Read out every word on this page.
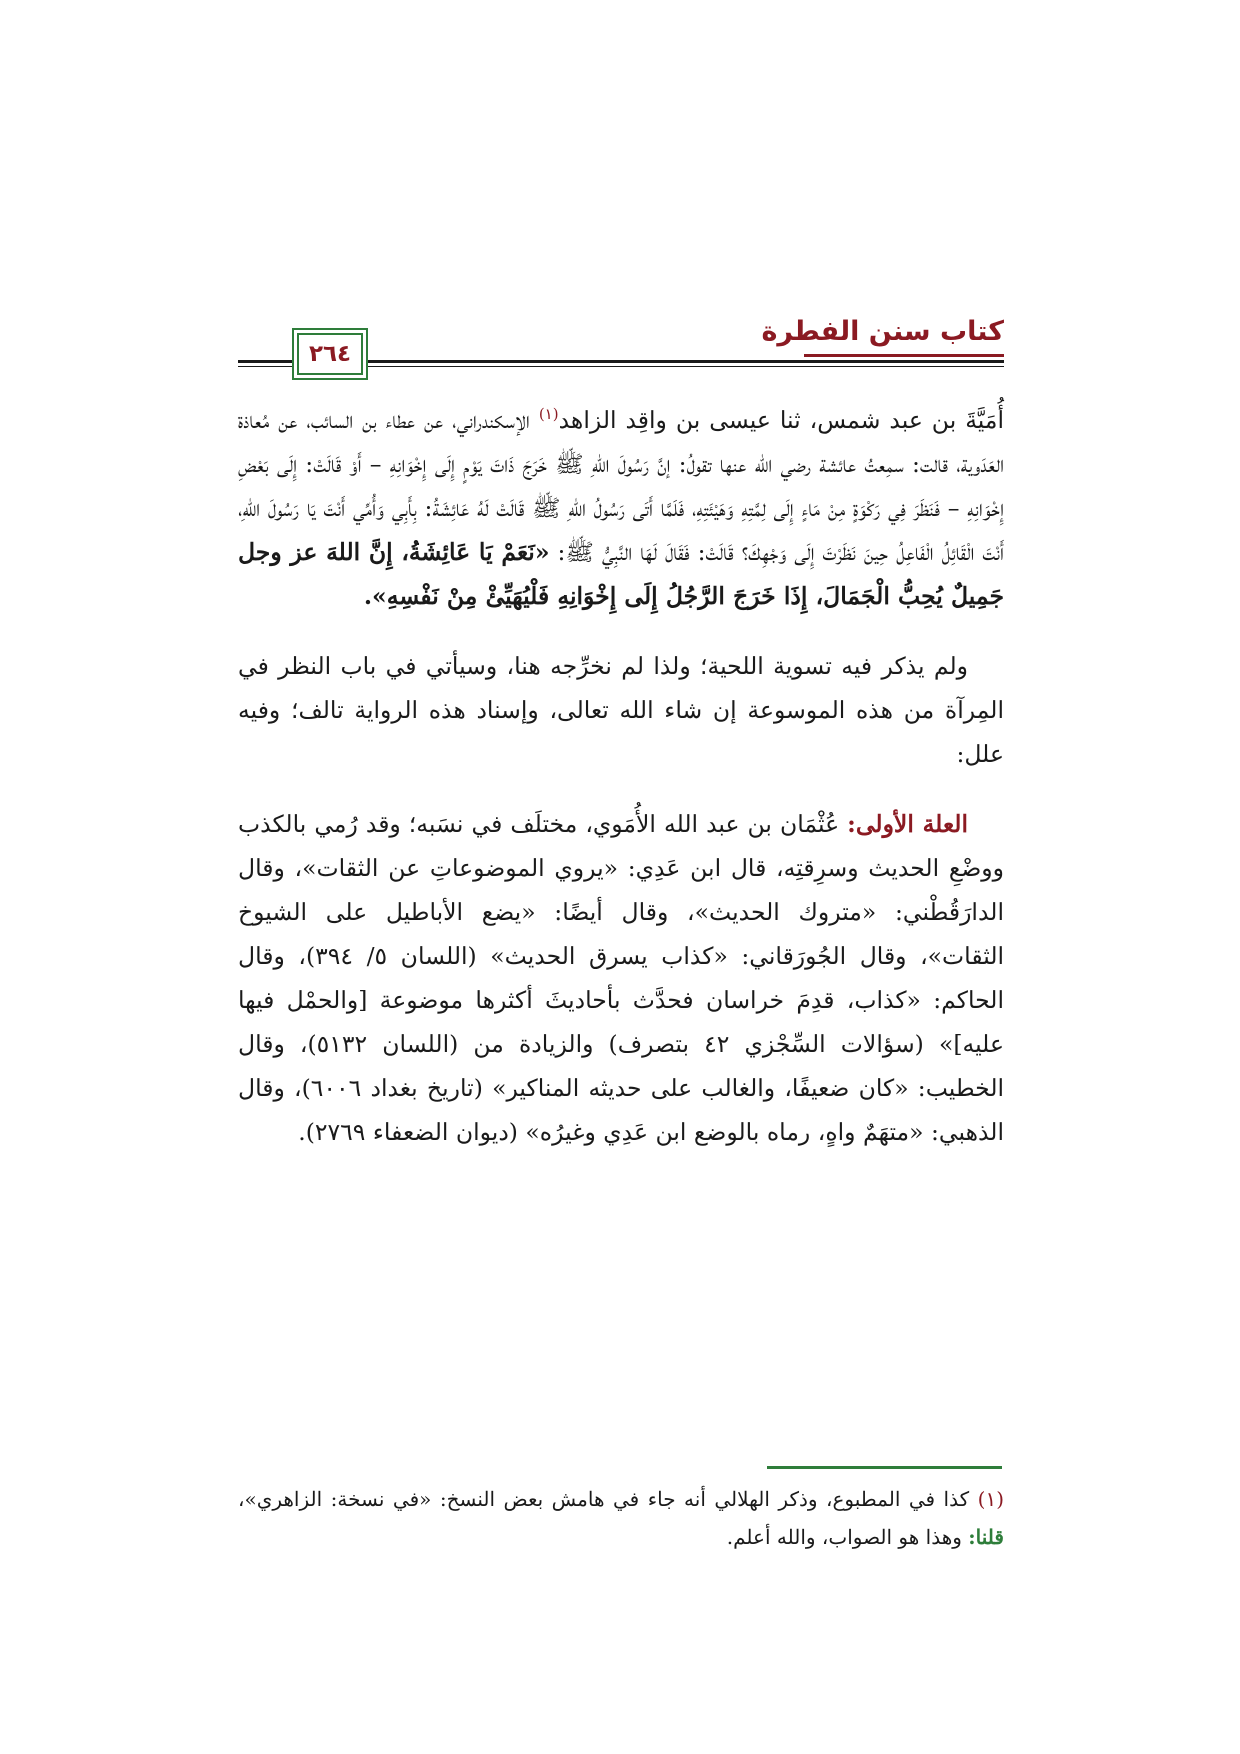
كتاب سنن الفطرة
٢٦٤

أُمَيَّةَ بن عبد شمس، ثنا عيسى بن واقِد الزاهد$^{(١)}$ الإسكندراني، عن عطاء بن السائب، عن مُعاذة العَدَوية، قالت: سمِعتُ عائشة رضي الله عنها تقولُ: إنَّ رَسُولَ اللهِ ﷺ خَرَجَ ذَاتَ يَوْمٍ إِلَى إِخْوَانِهِ – أَوْ قَالَتْ: إِلَى بَعْضِ إِخْوَانِهِ – فَنَظَرَ فِي رَكْوَةٍ مِنْ مَاءٍ إِلَى لِمَّتِهِ وَهَيْئَتِهِ، فَلَمَّا أَتَى رَسُولُ اللهِ ﷺ قَالَتْ لَهُ عَائِشَةُ: بِأَبِي وَأُمِّي أَنْتَ يَا رَسُولَ اللهِ، أَنْتَ الْقَائِلُ الْفَاعِلُ حِينَ نَظَرْتَ إِلَى وَجْهِكَ؟ قَالَتْ: فَقَالَ لَهَا النَّبِيُّ ﷺ: «نَعَمْ يَا عَائِشَةُ، إِنَّ اللهَ عز وجل جَمِيلٌ يُحِبُّ الْجَمَالَ، إِذَا خَرَجَ الرَّجُلُ إِلَى إِخْوَانِهِ فَلْيُهَيِّئْ مِنْ نَفْسِهِ».

ولم يذكر فيه تسوية اللحية؛ ولذا لم نخرِّجه هنا، وسيأتي في باب النظر في المِرآة من هذه الموسوعة إن شاء الله تعالى، وإسناد هذه الرواية تالف؛ وفيه علل:

العلة الأولى: عُثْمَان بن عبد الله الأُمَوي، مختلَف في نسَبه؛ وقد رُمي بالكذب ووضْعِ الحديث وسرِقتِه، قال ابن عَدِي: «يروي الموضوعاتِ عن الثقات»، وقال الدارَقُطْني: «متروك الحديث»، وقال أيضًا: «يضع الأباطيل على الشيوخ الثقات»، وقال الجُورَقاني: «كذاب يسرق الحديث» (اللسان ٥/ ٣٩٤)، وقال الحاكم: «كذاب، قدِمَ خراسان فحدَّث بأحاديثَ أكثرها موضوعة [والحمْل فيها عليه]» (سؤالات السِّجْزي ٤٢ بتصرف) والزيادة من (اللسان ٥١٣٢)، وقال الخطيب: «كان ضعيفًا، والغالب على حديثه المناكير» (تاريخ بغداد ٦٠٠٦)، وقال الذهبي: «متهَمٌ واهٍ، رماه بالوضع ابن عَدِي وغيرُه» (ديوان الضعفاء ٢٧٦٩).

(١) كذا في المطبوع، وذكر الهلالي أنه جاء في هامش بعض النسخ: «في نسخة: الزاهري»، قلنا: وهذا هو الصواب، والله أعلم.
